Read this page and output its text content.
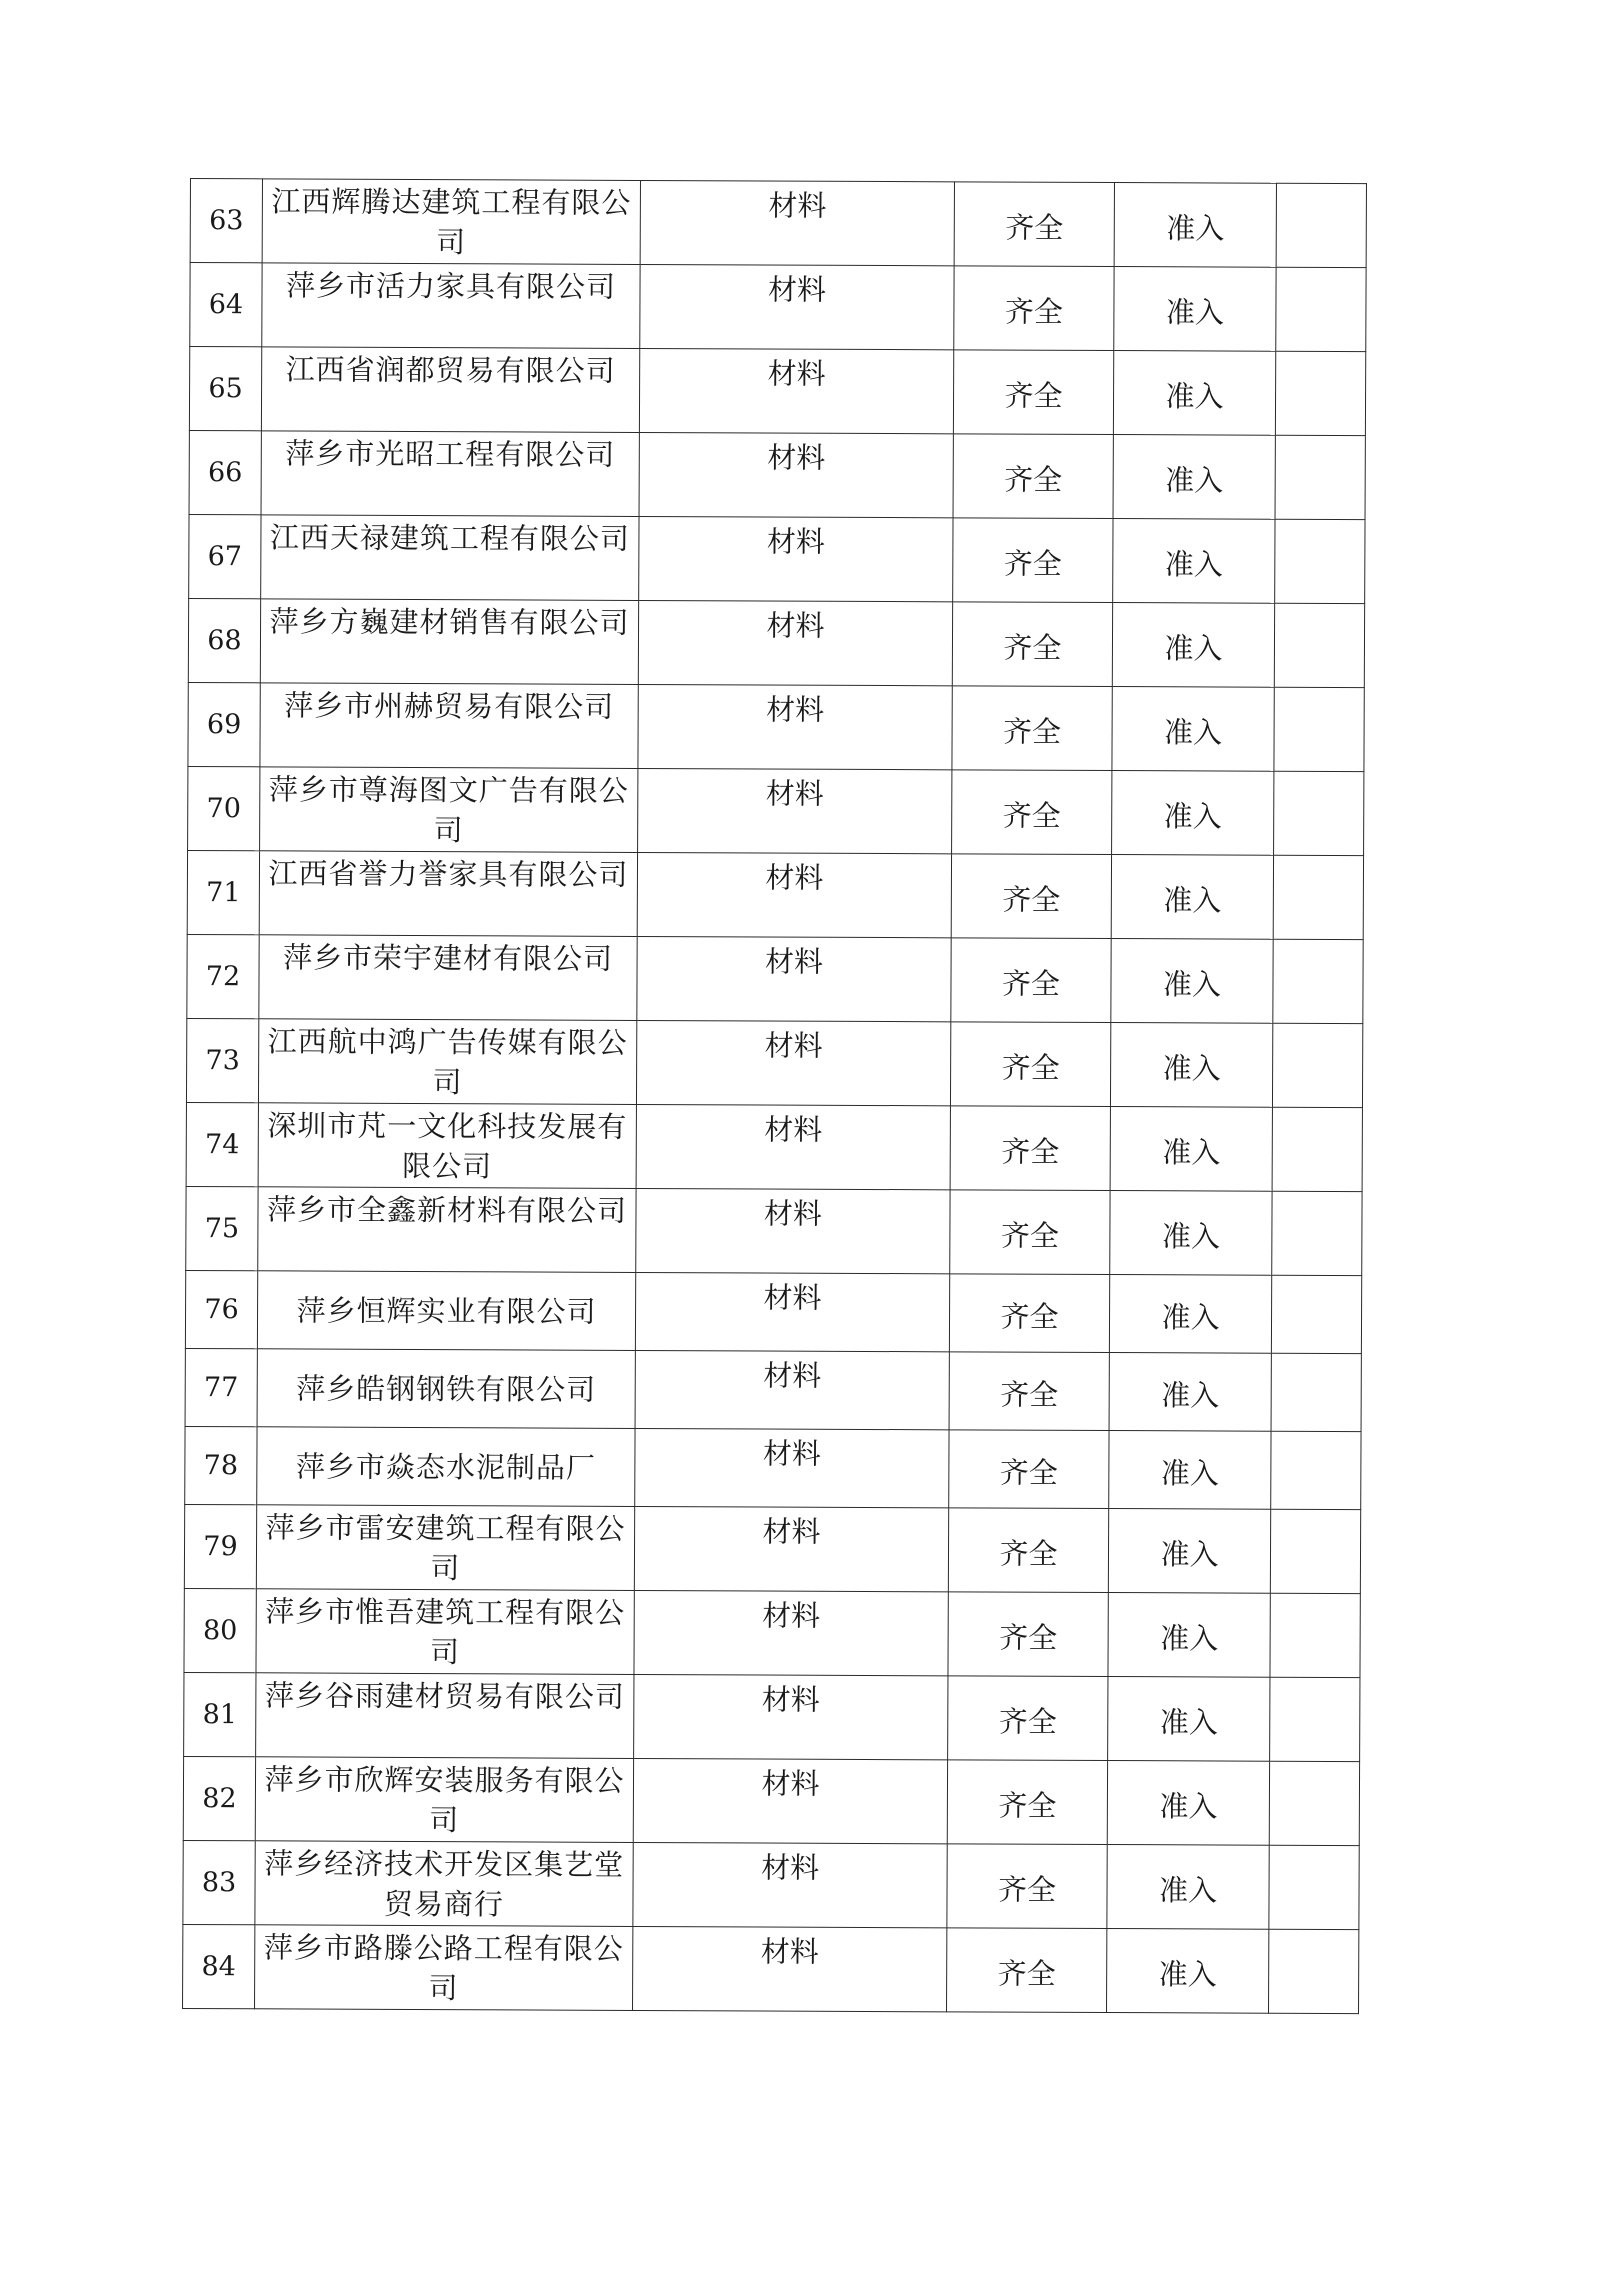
63	江西辉腾达建筑工程有限公司	材料	齐全	准入	
64	萍乡市活力家具有限公司	材料	齐全	准入	
65	江西省润都贸易有限公司	材料	齐全	准入	
66	萍乡市光昭工程有限公司	材料	齐全	准入	
67	江西天禄建筑工程有限公司	材料	齐全	准入	
68	萍乡方巍建材销售有限公司	材料	齐全	准入	
69	萍乡市州赫贸易有限公司	材料	齐全	准入	
70	萍乡市尊海图文广告有限公司	材料	齐全	准入	
71	江西省誉力誉家具有限公司	材料	齐全	准入	
72	萍乡市荣宇建材有限公司	材料	齐全	准入	
73	江西航中鸿广告传媒有限公司	材料	齐全	准入	
74	深圳市芃一文化科技发展有限公司	材料	齐全	准入	
75	萍乡市全鑫新材料有限公司	材料	齐全	准入	
76	萍乡恒辉实业有限公司	材料	齐全	准入	
77	萍乡皓钢钢铁有限公司	材料	齐全	准入	
78	萍乡市焱态水泥制品厂	材料	齐全	准入	
79	萍乡市雷安建筑工程有限公司	材料	齐全	准入	
80	萍乡市惟吾建筑工程有限公司	材料	齐全	准入	
81	萍乡谷雨建材贸易有限公司	材料	齐全	准入	
82	萍乡市欣辉安装服务有限公司	材料	齐全	准入	
83	萍乡经济技术开发区集艺堂贸易商行	材料	齐全	准入	
84	萍乡市路滕公路工程有限公司	材料	齐全	准入	
